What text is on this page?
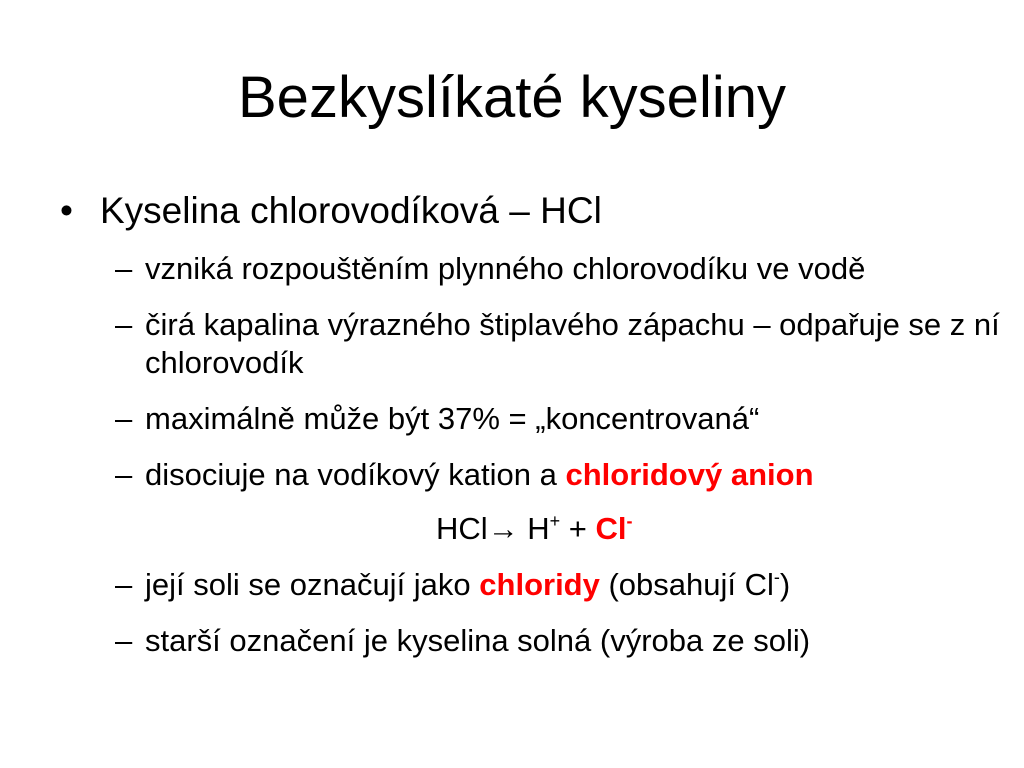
Bezkyslíkaté kyseliny
• Kyselina chlorovodíková – HCl
– vzniká rozpouštěním plynného chlorovodíku ve vodě
– čirá kapalina výrazného štiplavého zápachu – odpařuje se z ní chlorovodík
– maximálně může být 37% = „koncentrovaná“
– disociuje na vodíkový kation a chloridový anion
HCl→ H+ + Cl-
– její soli se označují jako chloridy (obsahují Cl-)
– starší označení je kyselina solná (výroba ze soli)
